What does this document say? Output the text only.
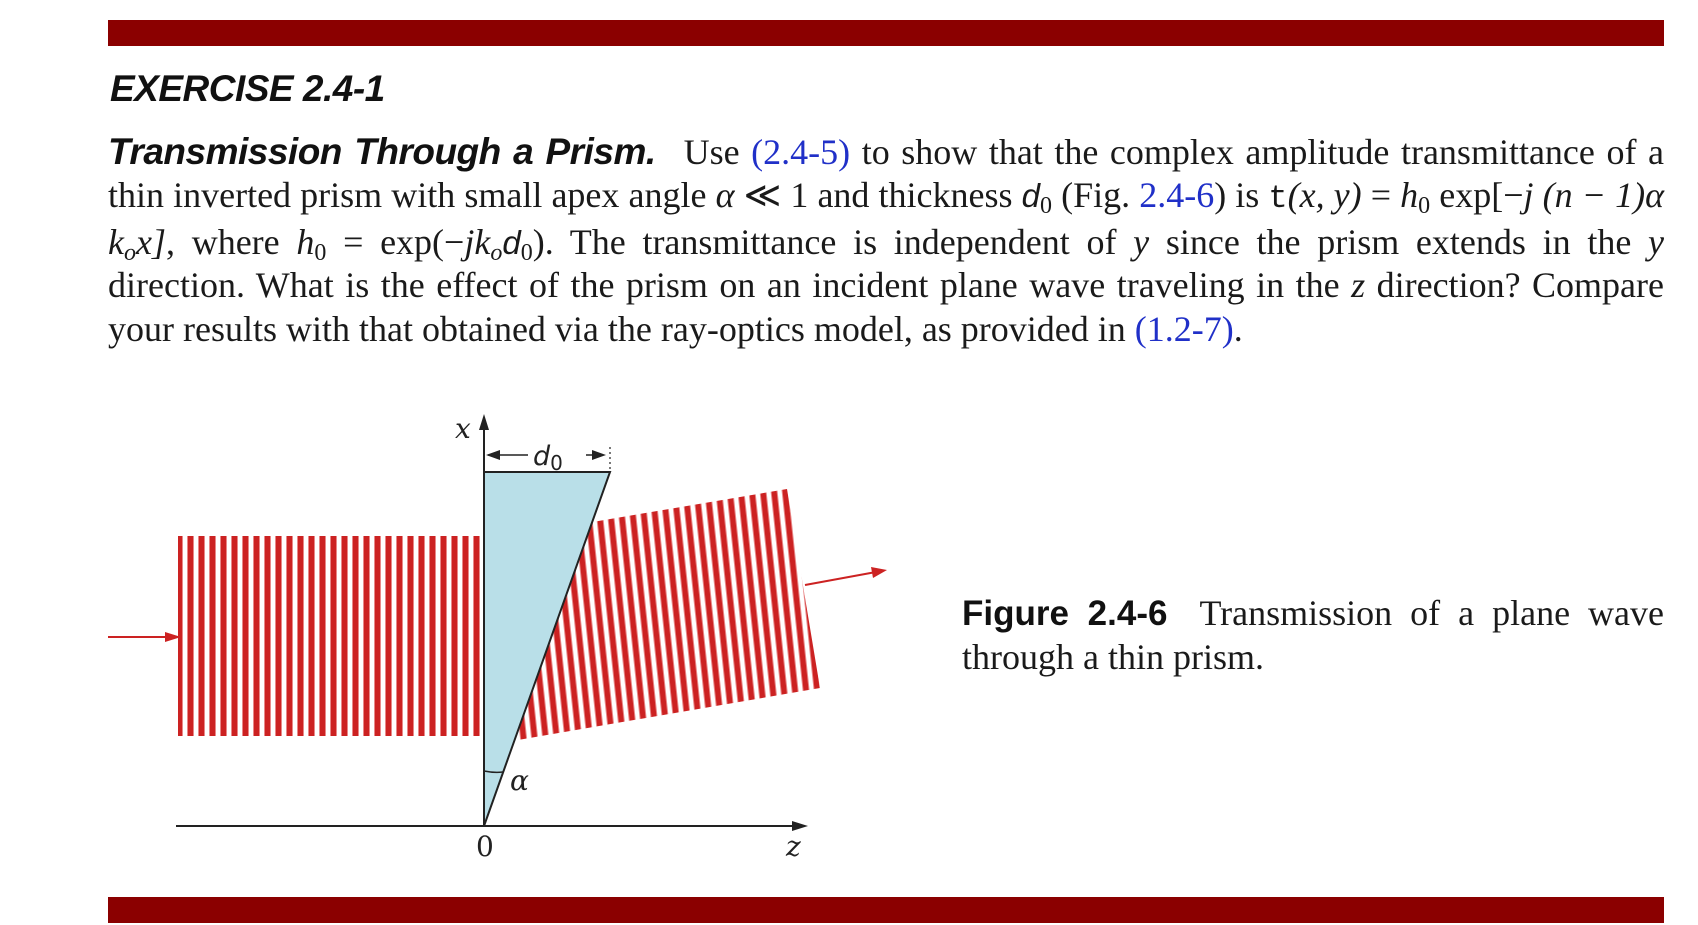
EXERCISE 2.4-1

Transmission Through a Prism. Use (2.4-5) to show that the complex amplitude transmittance of a thin inverted prism with small apex angle α ≪ 1 and thickness $d_0$ (Fig. 2.4-6) is t(x, $y) = h_0$ exp[−j (n − 1)α $k_ox$], where $h_0 = \exp(-jk_od_0)$. The transmittance is independent of y since the prism extends in the y direction. What is the effect of the prism on an incident plane wave traveling in the z direction? Compare your results with that obtained via the ray-optics model, as provided in (1.2-7).

α
x
z
0
d0

Figure 2.4-6 Transmission of a plane wave through a thin prism.
